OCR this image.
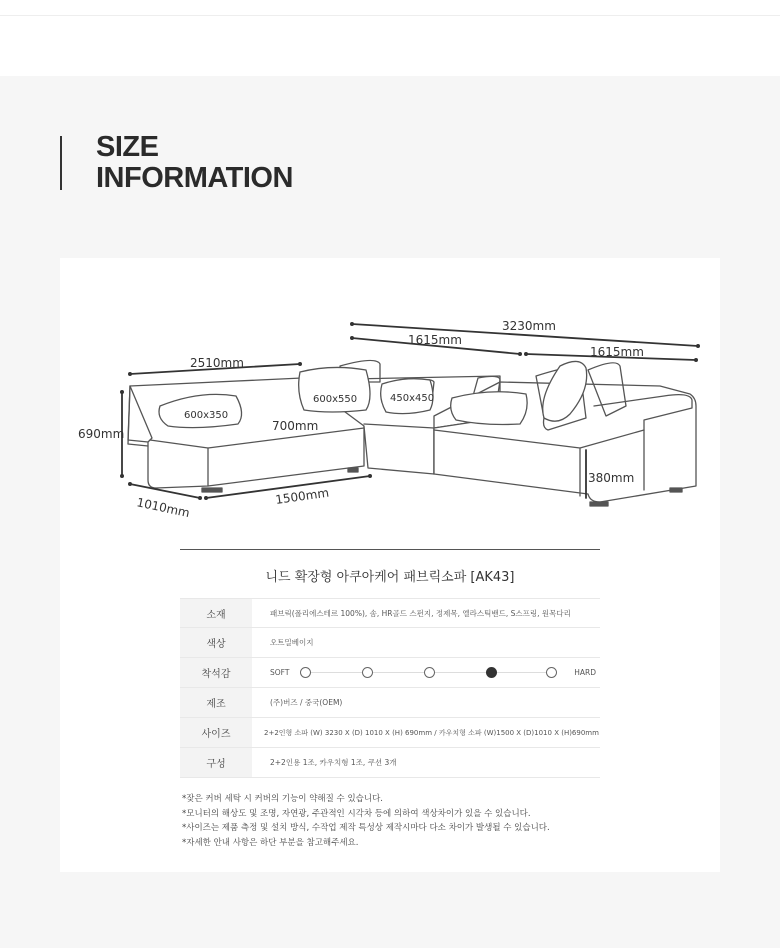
SIZE
INFORMATION
3230mm
1615mm
1615mm
2510mm
690mm
1010mm	1500mm
700mm
380mm
600x350
600x550	450x450
니드 확장형 아쿠아케어 패브릭소파 [AK43]
소재	패브릭(폴리에스테르 100%), 솜, HR골드 스펀지, 정제목, 엘라스틱밴드, S스프링, 원목다리
색상	오트밀베이지
착석감	SOFT	HARD
제조	(주)버즈 / 중국(OEM)
사이즈	2+2인형 소파 (W) 3230 X (D) 1010 X (H) 690mm / 카우치형 소파 (W)1500 X (D)1010 X (H)690mm
구성	2+2인용 1조, 카우치형 1조, 쿠션 3개
*잦은 커버 세탁 시 커버의 기능이 약해질 수 있습니다.
*모니터의 해상도 및 조명, 자연광, 주관적인 시각차 등에 의하여 색상차이가 있을 수 있습니다.
*사이즈는 제품 측정 및 설치 방식, 수작업 제작 특성상 제작시마다 다소 차이가 발생될 수 있습니다.
*자세한 안내 사항은 하단 부분을 참고해주세요.
